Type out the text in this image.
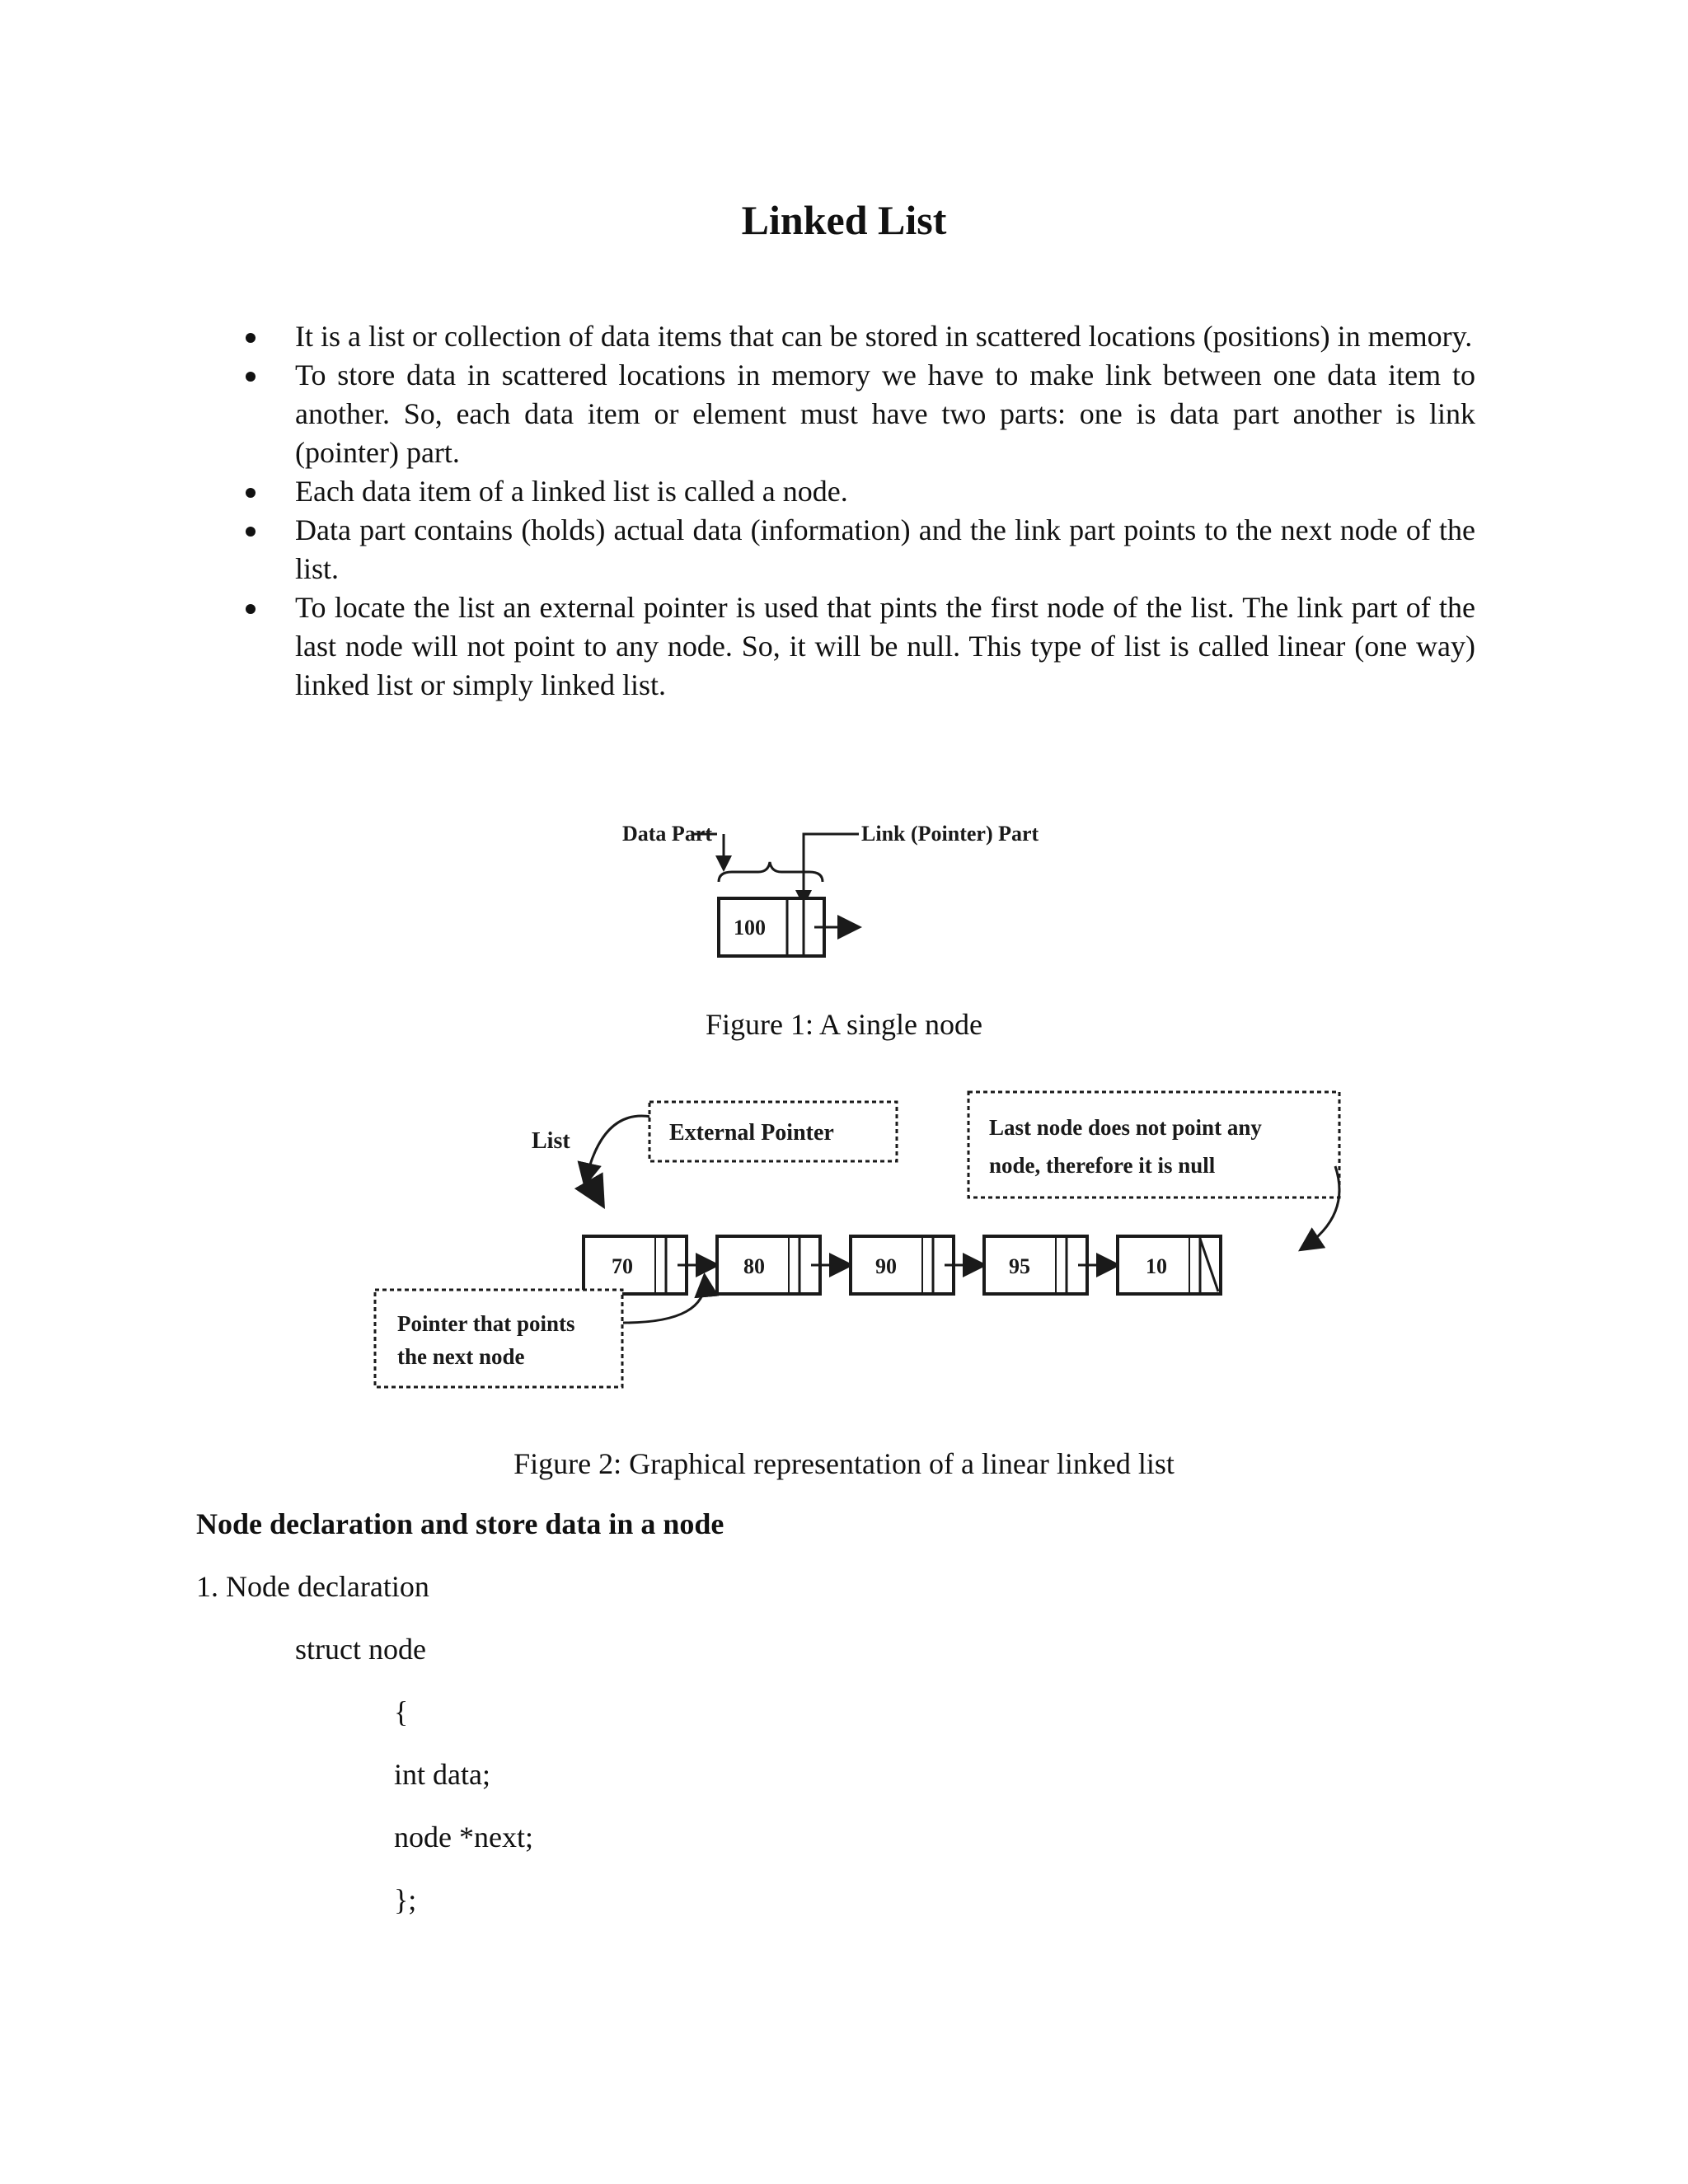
Linked List
It is a list or collection of data items that can be stored in scattered locations (positions) in memory.
To store data in scattered locations in memory we have to make link between one data item to another. So, each data item or element must have two parts: one is data part another is link (pointer) part.
Each data item of a linked list is called a node.
Data part contains (holds) actual data (information) and the link part points to the next node of the list.
To locate the list an external pointer is used that pints the first node of the list. The link part of the last node will not point to any node. So, it will be null. This type of list is called linear (one way) linked list or simply linked list.
Data Part	Link (Pointer) Part
100

Figure 1: A single node

List	External Pointer	Last node does not point any
node, therefore it is null
70	80	90	95	10
Pointer that points
the next node

Figure 2: Graphical representation of a linear linked list

Node declaration and store data in a node

1. Node declaration

struct node

{

int data;

node *next;

};
